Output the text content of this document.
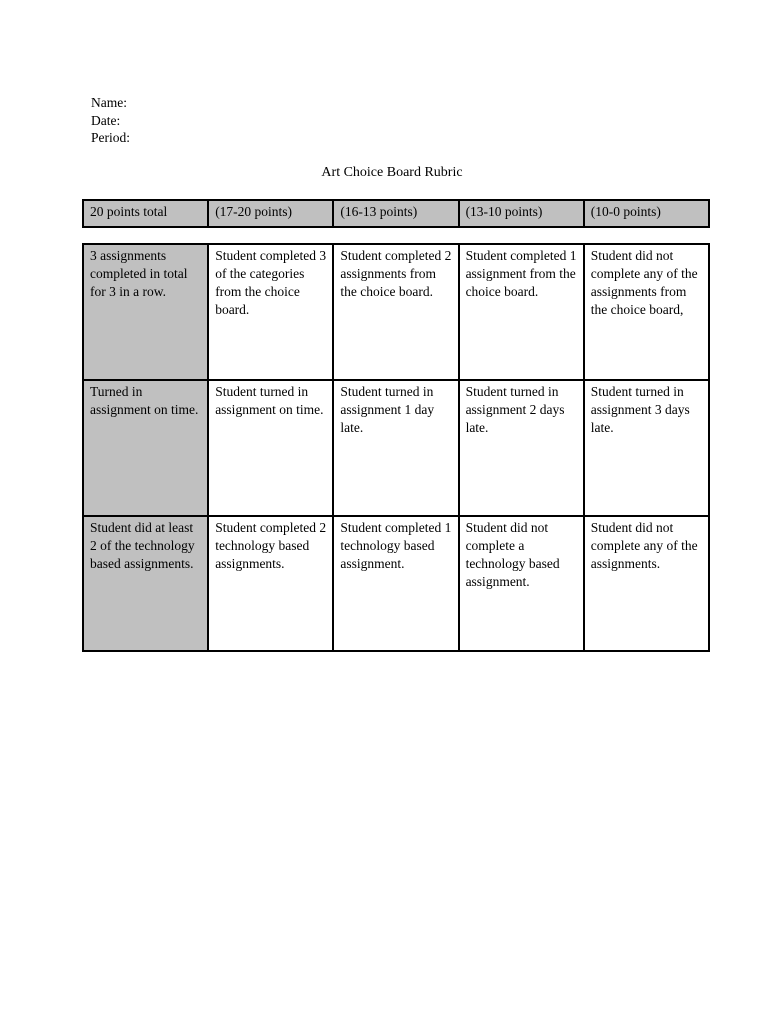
Name:
Date:
Period:
Art Choice Board Rubric
20 points total	(17-20 points)	(16-13 points)	(13-10 points)	(10-0 points)
3 assignments completed in total for 3 in a row.	Student completed 3 of the categories from the choice board.	Student completed 2 assignments from the choice board.	Student completed 1 assignment from the choice board.	Student did not complete any of the assignments from the choice board,
Turned in assignment on time.	Student turned in assignment on time.	Student turned in assignment 1 day late.	Student turned in assignment 2 days late.	Student turned in assignment 3 days late.
Student did at least 2 of the technology based assignments.	Student completed 2 technology based assignments.	Student completed 1 technology based assignment.	Student did not complete a technology based assignment.	Student did not complete any of the assignments.
